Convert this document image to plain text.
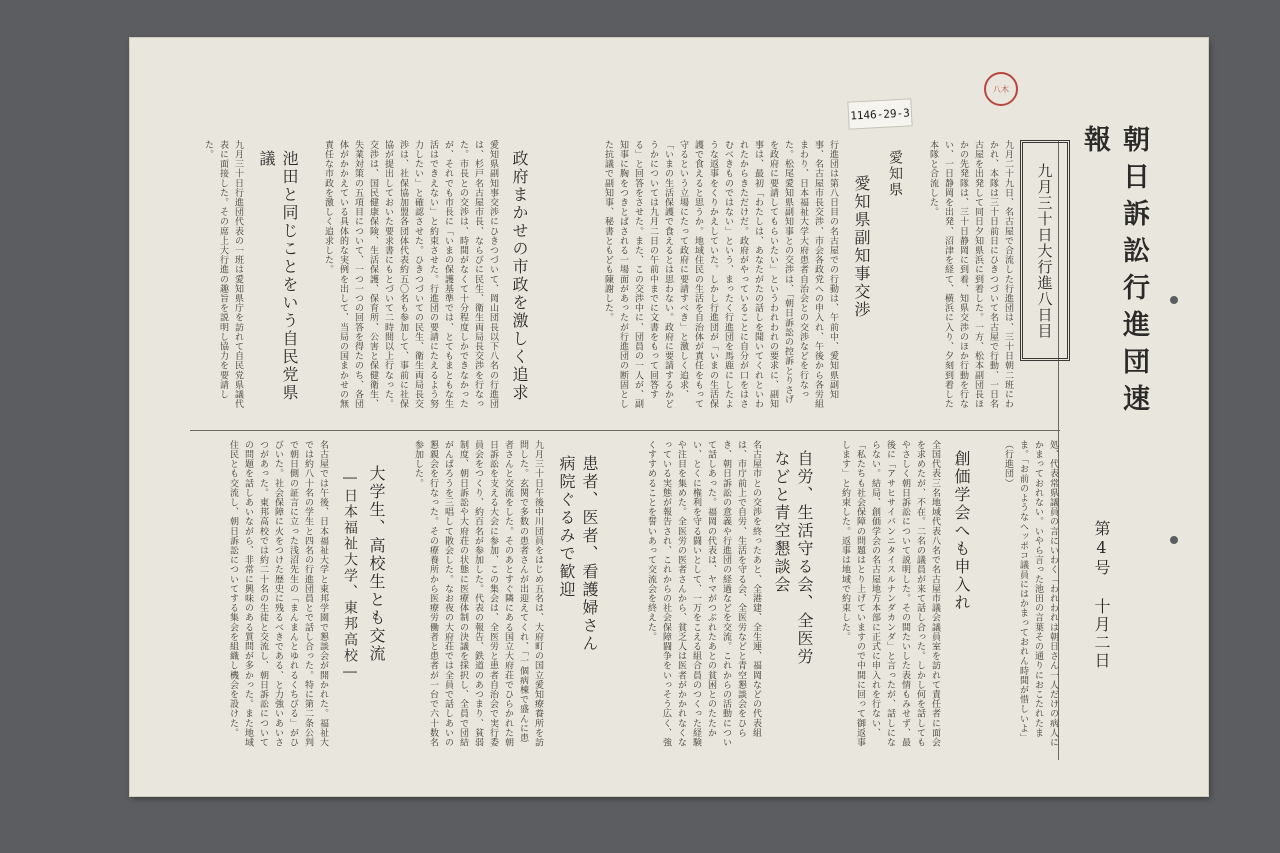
朝日訴訟行進団速報
第4号
十月二日
八木
1146-29-3
九月三十日大行進八日目
九月二十九日、名古屋で合流した行進団は、三十日朝二班にわかれ、本隊は三十日前日にひきつづいて名古屋で行動、一日名古屋を出発して同日夕知県浜に到着した。一方、松本副団長ほかの先発隊は、三十日静岡に到着、知県交渉のほか行動を行ない、一日静岡を出発、沼津を経て、横浜に入り、夕刻到着した本隊と合流した。
愛知県
愛知県副知事交渉
行進団は第八日目の名古屋での行動は、午前中、愛知県副知事、名古屋市長交渉、市会各政党への申入れ、午後から各労組まわり、日本福祉大学大府患者自治会との交渉などを行なった。松尾愛知県副知事との交渉は、「朝日訴訟の控訴とりさげを政府に要請してもらいたい」というわれわれの要求に、副知事は、最初「わたしは、あなたがたの話しを聞いてくれといわれたからきただけだ。政府がやっていることに自分が口をはさむべきものではない」という、まったく行進団を馬鹿にしたような返事をくりかえしていた。しかし行進団が「いまの生活保護で食えると思うか。地域住民の生活を自治体が責任をもって守るという立場にたって政府に要請すべき」と激しく追求、「いまの生活保護で食えるとは思わない。政府に要請するかどうかについては九月二日の午前中までに文書をもって回答する」と回答をさせた。また、この交渉中に、団員の一人が、副知事に胸をつきとばされる一場面があったが行進団の断固とした抗議で副知事、秘書ともども陳謝した。
政府まかせの市政を激しく追求
愛知県副知事交渉にひきつづいて、岡山団長以下八名の行進団は、杉戸名古屋市長、ならびに民生、衛生両局長交渉を行なった。市長との交渉は、時間がなくて十分程度しかできなかったが、それでも市長に「いまの保護基準では、とてもまともな生活はできえない」と約束させた。行進団の要請にたえるよう努力したい」と確認させた。ひきつづいての民生、衛生両局長交渉は、社保協加盟各団体代表約五〇名も参加して、事前に社保協が提出しておいた要求書にもとづいて二時間以上行なった。交渉は、国民健康保険、生活保護、保育所、公害と保健衛生、失業対策の五項目について、一つ一つの回答を得たのち、各団体がかかえている具体的な実例を出して、当局の国まかせの無責任な市政を激しく追求した。
池田と同じことをいう自民党県議
九月三十日行進団代表の一班は愛知県庁を訪れて自民党県議代表に面接した。その席上大行進の趣旨を説明し協力を要請した。
処、代表常県議員の言にいわく「われわれは朝日さん一人だけの病人にかまっておれない。いやら言った池田の言葉その通りにおこたれたまま。「お前のようなヘッポコ議員にはかまっておれん時間が惜しいよ」（行進団）
創価学会へも申入れ
全国代表三名地域代表八名で名古屋市議会議員室を訪れて責任者に面会を求めたが、不在。二名の議員が来て話し合った。しかし何を話してもやさしく朝日訴訟について説明した。その間たいした表情もみせず、最後に「アサヒサイバンニタイスルナンダカンダ」と言ったが、話しにならない。結局、創価学会の名古屋地方本部に正式に申入れを行ない、「私たちも社会保障の問題はとり上げていますので中間に回って御返事します」と約束した。返事は地域で約束した。
自労、生活守る会、全医労などと青空懇談会
名古屋市との交渉を終ったあと、全港建、全生連、福岡などの代表組は、市庁前上で自労、生活を守る会、全医労などと青空懇談会をひらき、朝日訴訟の意義や行進団の経過などを交流。これからの活動について話しあった。福岡の代表は、ヤマがつぶれたあとの貧困とのたたかい、とくに権利を守る闘いとして、一万をこえる組合員のつくった経験や注目を集めた。全医労の医者さんから、貧乏人は医者がかかれなくなっている実態が報告され、これからの社会保障闘争をいっそう広く、強くすすめることを誓いあって交流会を終えた。
患者、医者、看護婦さん病院ぐるみで歓迎
九月三十日午後中川団員をはじめ五名は、大府町の国立愛知療養所を訪問した。玄関で多数の患者さんが出迎えてくれ、「一個病棟で盛んに患者さんと交流をした。そのあとすぐ隣にある国立大府荘でひらかれた朝日訴訟を支える大会に参加、この集会は、全医労と患者自治会で実行委員会をつくり、約百名が参加した。代表の報告、鉄道のあつまり、貧弱制度、朝日訴訟や大府荘の状態に医療体制の決議を採択し、全員で団結がんばろうを三唱して散会した。なお夜の大府荘では全員で話しあいの懇親会を行なった。その療養所から医療労働者と患者が一台で六十数名参加した。
大学生、高校生とも交流
―日本福祉大学、東邦高校―
名古屋では午後、日本福祉大学と東邦学園で懇談会が開かれた。福祉大では約八十名の学生と四名の行進団員とで話し合った。特に第二条公判で朝日側の証言に立った浅沼先生の「まんまんとゆれるくちびる」がひびいた。社会保障に火をつけた歴史に残るべきである、と力強いあいさつがあった。東邦高校では約二十名の生徒と交流し、朝日訴訟についての問題を話しあいながら、非常に興味のある質問が多かった。また地域住民とも交流し、朝日訴訟についてする集会を組織し機会を設けた。
